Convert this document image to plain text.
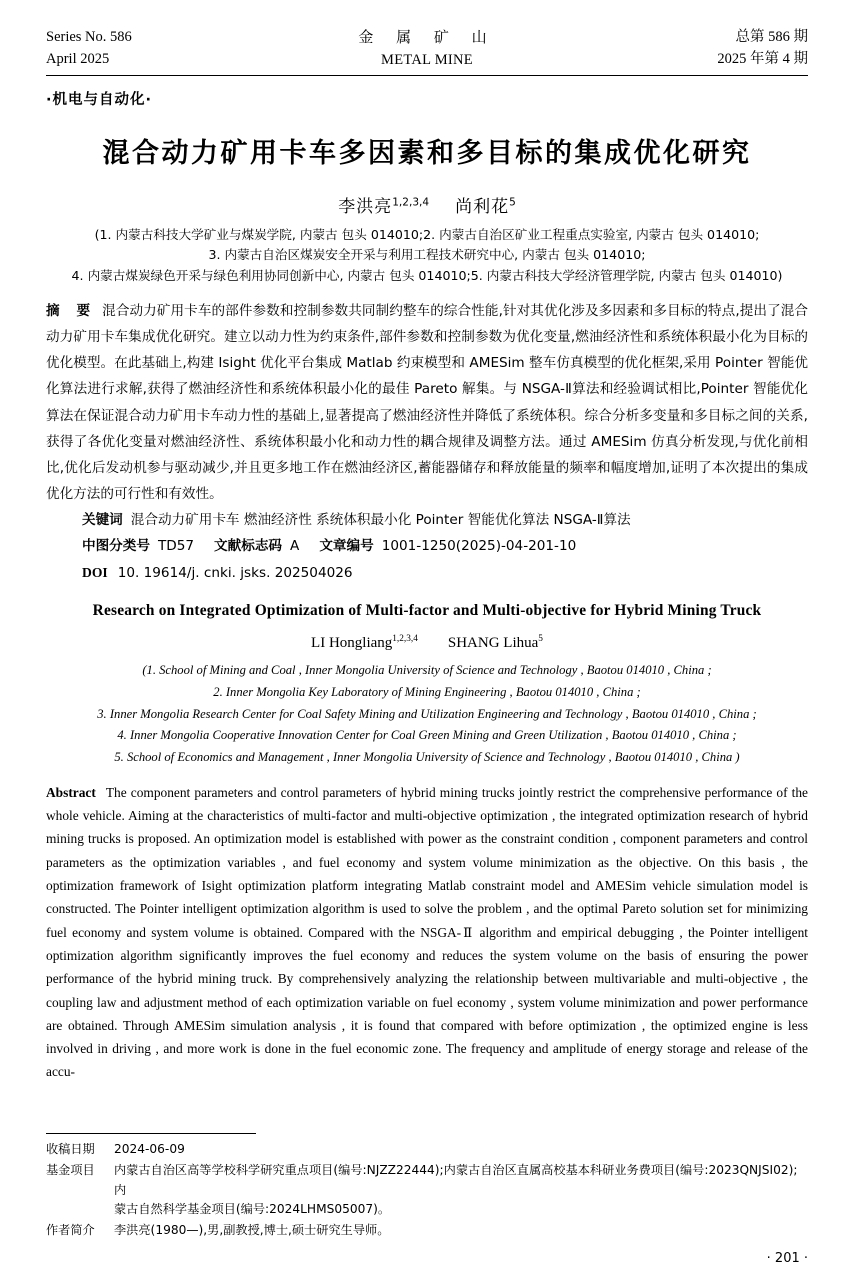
Series No. 586
April 2025
金 属 矿 山
METAL MINE
总第 586 期
2025 年第 4 期
·机电与自动化·
混合动力矿用卡车多因素和多目标的集成优化研究
李洪亮$^{1,2,3,4}$ 尚利花$^5$
(1. 内蒙古科技大学矿业与煤炭学院, 内蒙古 包头 014010;2. 内蒙古自治区矿业工程重点实验室, 内蒙古 包头 014010;
3. 内蒙古自治区煤炭安全开采与利用工程技术研究中心, 内蒙古 包头 014010;
4. 内蒙古煤炭绿色开采与绿色利用协同创新中心, 内蒙古 包头 014010;5. 内蒙古科技大学经济管理学院, 内蒙古 包头 014010)
摘 要 混合动力矿用卡车的部件参数和控制参数共同制约整车的综合性能,针对其优化涉及多因素和多目标的特点,提出了混合动力矿用卡车集成优化研究。建立以动力性为约束条件,部件参数和控制参数为优化变量,燃油经济性和系统体积最小化为目标的优化模型。在此基础上,构建 Isight 优化平台集成 Matlab 约束模型和 AMESim 整车仿真模型的优化框架,采用 Pointer 智能优化算法进行求解,获得了燃油经济性和系统体积最小化的最佳 Pareto 解集。与 NSGA-Ⅱ算法和经验调试相比,Pointer 智能优化算法在保证混合动力矿用卡车动力性的基础上,显著提高了燃油经济性并降低了系统体积。综合分析多变量和多目标之间的关系,获得了各优化变量对燃油经济性、系统体积最小化和动力性的耦合规律及调整方法。通过 AMESim 仿真分析发现,与优化前相比,优化后发动机参与驱动减少,并且更多地工作在燃油经济区,蓄能器储存和释放能量的频率和幅度增加,证明了本次提出的集成优化方法的可行性和有效性。
关键词 混合动力矿用卡车 燃油经济性 系统体积最小化 Pointer 智能优化算法 NSGA-Ⅱ算法
中图分类号 TD57 文献标志码 A 文章编号 1001-1250(2025)-04-201-10
DOI 10. 19614/j. cnki. jsks. 202504026
Research on Integrated Optimization of Multi-factor and Multi-objective for Hybrid Mining Truck
LI Hongliang$^{1,2,3,4}$ SHANG Lihua$^5$
(1. School of Mining and Coal , Inner Mongolia University of Science and Technology , Baotou 014010 , China ;
2. Inner Mongolia Key Laboratory of Mining Engineering , Baotou 014010 , China ;
3. Inner Mongolia Research Center for Coal Safety Mining and Utilization Engineering and Technology , Baotou 014010 , China ;
4. Inner Mongolia Cooperative Innovation Center for Coal Green Mining and Green Utilization , Baotou 014010 , China ;
5. School of Economics and Management , Inner Mongolia University of Science and Technology , Baotou 014010 , China )
Abstract The component parameters and control parameters of hybrid mining trucks jointly restrict the comprehensive performance of the whole vehicle. Aiming at the characteristics of multi-factor and multi-objective optimization , the integrated optimization research of hybrid mining trucks is proposed. An optimization model is established with power as the constraint condition , component parameters and control parameters as the optimization variables , and fuel economy and system volume minimization as the objective. On this basis , the optimization framework of Isight optimization platform integrating Matlab constraint model and AMESim vehicle simulation model is constructed. The Pointer intelligent optimization algorithm is used to solve the problem , and the optimal Pareto solution set for minimizing fuel economy and system volume is obtained. Compared with the NSGA-Ⅱ algorithm and empirical debugging , the Pointer intelligent optimization algorithm significantly improves the fuel economy and reduces the system volume on the basis of ensuring the power performance of the hybrid mining truck. By comprehensively analyzing the relationship between multivariable and multi-objective , the coupling law and adjustment method of each optimization variable on fuel economy , system volume minimization and power performance are obtained. Through AMESim simulation analysis , it is found that compared with before optimization , the optimized engine is less involved in driving , and more work is done in the fuel economic zone. The frequency and amplitude of energy storage and release of the accu-
收稿日期	2024-06-09
基金项目	内蒙古自治区高等学校科学研究重点项目(编号:NJZZ22444);内蒙古自治区直属高校基本科研业务费项目(编号:2023QNJSI02);内
蒙古自然科学基金项目(编号:2024LHMS05007)。
作者简介	李洪亮(1980—),男,副教授,博士,硕士研究生导师。
· 201 ·
